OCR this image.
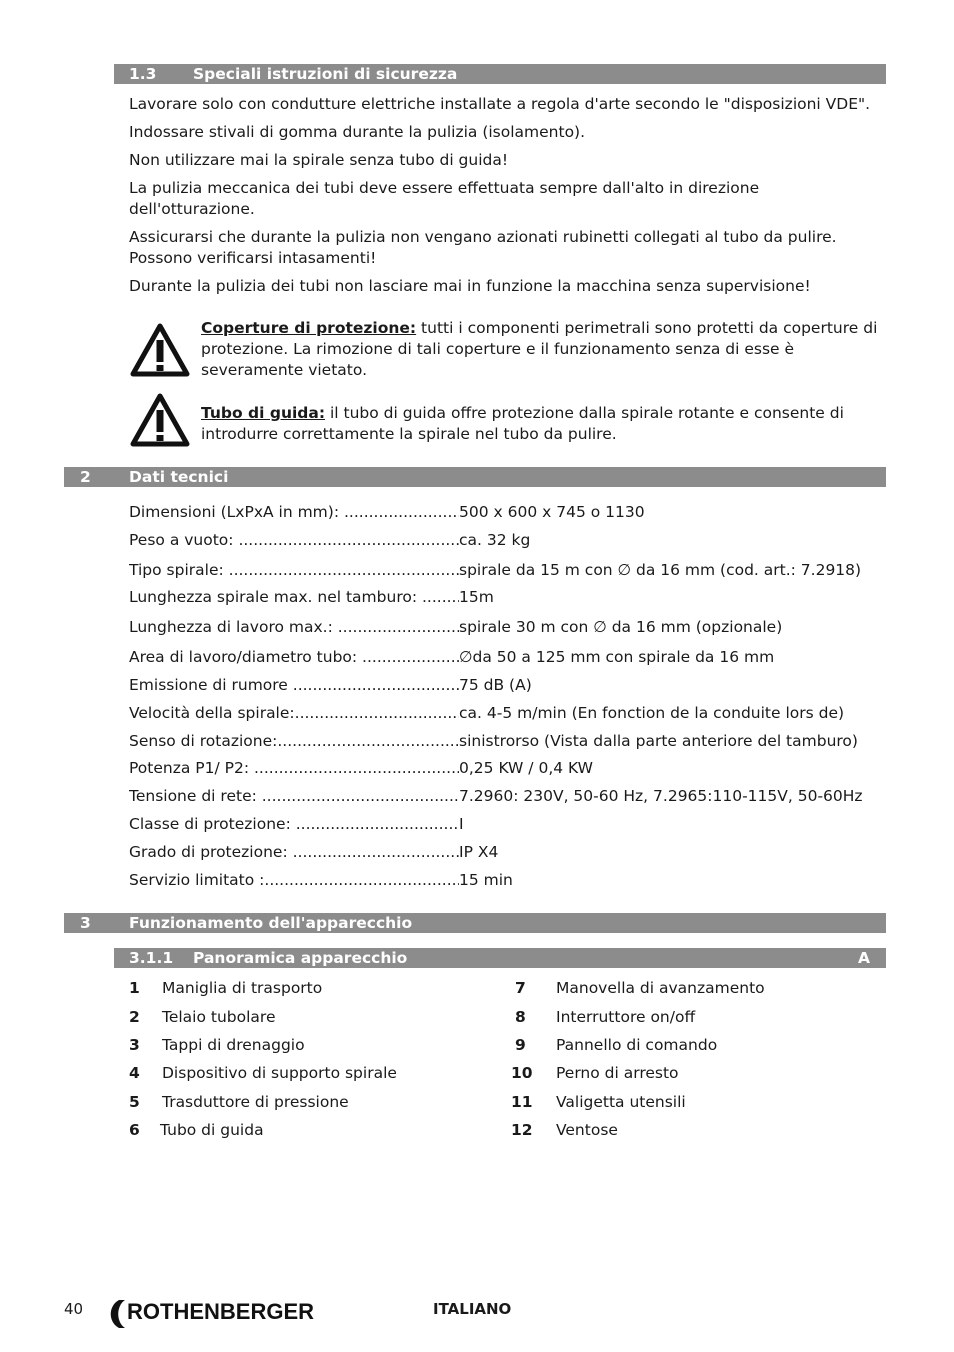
1.3 Speciali istruzioni di sicurezza

Lavorare solo con condutture elettriche installate a regola d'arte secondo le "disposizioni VDE".

Indossare stivali di gomma durante la pulizia (isolamento).

Non utilizzare mai la spirale senza tubo di guida!

La pulizia meccanica dei tubi deve essere effettuata sempre dall'alto in direzione dell'otturazione.

Assicurarsi che durante la pulizia non vengano azionati rubinetti collegati al tubo da pulire. Possono verificarsi intasamenti!

Durante la pulizia dei tubi non lasciare mai in funzione la macchina senza supervisione!

Coperture di protezione: tutti i componenti perimetrali sono protetti da coperture di protezione. La rimozione di tali coperture e il funzionamento senza di esse è severamente vietato.
Tubo di guida: il tubo di guida offre protezione dalla spirale rotante e consente di introdurre correttamente la spirale nel tubo da pulire.
2 Dati tecnici
Dimensioni (LxPxA in mm): .....	500 x 600 x 745 o 1130
Peso a vuoto: .....	ca. 32 kg
Tipo spirale: .....	spirale da 15 m con ∅ da 16 mm (cod. art.: 7.2918)
Lunghezza spirale max. nel tamburo: .....15m
Lunghezza di lavoro max.: .....	spirale 30 m con ∅ da 16 mm (opzionale)
Area di lavoro/diametro tubo: .....	∅da 50 a 125 mm con spirale da 16 mm
Emissione di rumore .....	75 dB (A)
Velocità della spirale: .....	ca. 4-5 m/min (En fonction de la conduite lors de)
Senso di rotazione: .....	sinistrorso (Vista dalla parte anteriore del tamburo)
Potenza P1/ P2: .....	0,25 KW / 0,4 KW
Tensione di rete: .....	7.2960: 230V, 50-60 Hz, 7.2965:110-115V, 50-60Hz
Classe di protezione: .....	I
Grado di protezione: .....	IP X4
Servizio limitato : .....	15 min
3 Funzionamento dell'apparecchio
3.1.1 Panoramica apparecchio	A
1 Maniglia di trasporto
2 Telaio tubolare
3 Tappi di drenaggio
4 Dispositivo di supporto spirale
5 Trasduttore di pressione
6 Tubo di guida
7 Manovella di avanzamento
8 Interruttore on/off
9 Pannello di comando
10 Perno di arresto
11 Valigetta utensili
12 Ventose
40 ROTHENBERGER	ITALIANO
